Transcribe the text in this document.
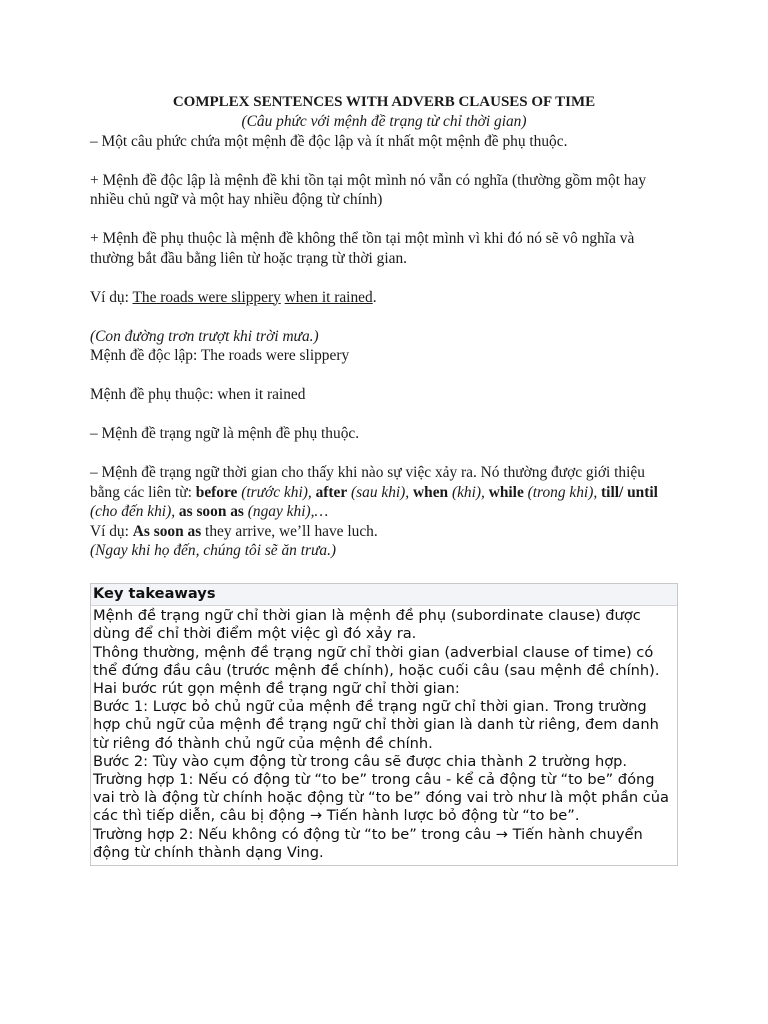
COMPLEX SENTENCES WITH ADVERB CLAUSES OF TIME

(Câu phức với mệnh đề trạng từ chỉ thời gian)

– Một câu phức chứa một mệnh đề độc lập và ít nhất một mệnh đề phụ thuộc.

+ Mệnh đề độc lập là mệnh đề khi tồn tại một mình nó vẫn có nghĩa (thường gồm một hay nhiều chủ ngữ và một hay nhiều động từ chính)

+ Mệnh đề phụ thuộc là mệnh đề không thể tồn tại một mình vì khi đó nó sẽ vô nghĩa và thường bắt đầu bằng liên từ hoặc trạng từ thời gian.

Ví dụ: The roads were slippery when it rained.

(Con đường trơn trượt khi trời mưa.)

Mệnh đề độc lập: The roads were slippery

Mệnh đề phụ thuộc: when it rained

– Mệnh đề trạng ngữ là mệnh đề phụ thuộc.

– Mệnh đề trạng ngữ thời gian cho thấy khi nào sự việc xảy ra. Nó thường được giới thiệu bằng các liên từ: before (trước khi), after (sau khi), when (khi), while (trong khi), till/ until (cho đến khi), as soon as (ngay khi),…

Ví dụ: As soon as they arrive, we’ll have luch.

(Ngay khi họ đến, chúng tôi sẽ ăn trưa.)

Key takeaways

Mệnh đề trạng ngữ chỉ thời gian là mệnh đề phụ (subordinate clause) được dùng để chỉ thời điểm một việc gì đó xảy ra.

Thông thường, mệnh đề trạng ngữ chỉ thời gian (adverbial clause of time) có thể đứng đầu câu (trước mệnh đề chính), hoặc cuối câu (sau mệnh đề chính).

Hai bước rút gọn mệnh đề trạng ngữ chỉ thời gian:

Bước 1: Lược bỏ chủ ngữ của mệnh đề trạng ngữ chỉ thời gian. Trong trường hợp chủ ngữ của mệnh đề trạng ngữ chỉ thời gian là danh từ riêng, đem danh từ riêng đó thành chủ ngữ của mệnh đề chính.

Bước 2: Tùy vào cụm động từ trong câu sẽ được chia thành 2 trường hợp.

Trường hợp 1: Nếu có động từ “to be” trong câu - kể cả động từ “to be” đóng vai trò là động từ chính hoặc động từ “to be” đóng vai trò như là một phần của các thì tiếp diễn, câu bị động → Tiến hành lược bỏ động từ “to be”.

Trường hợp 2: Nếu không có động từ “to be” trong câu → Tiến hành chuyển động từ chính thành dạng Ving.
